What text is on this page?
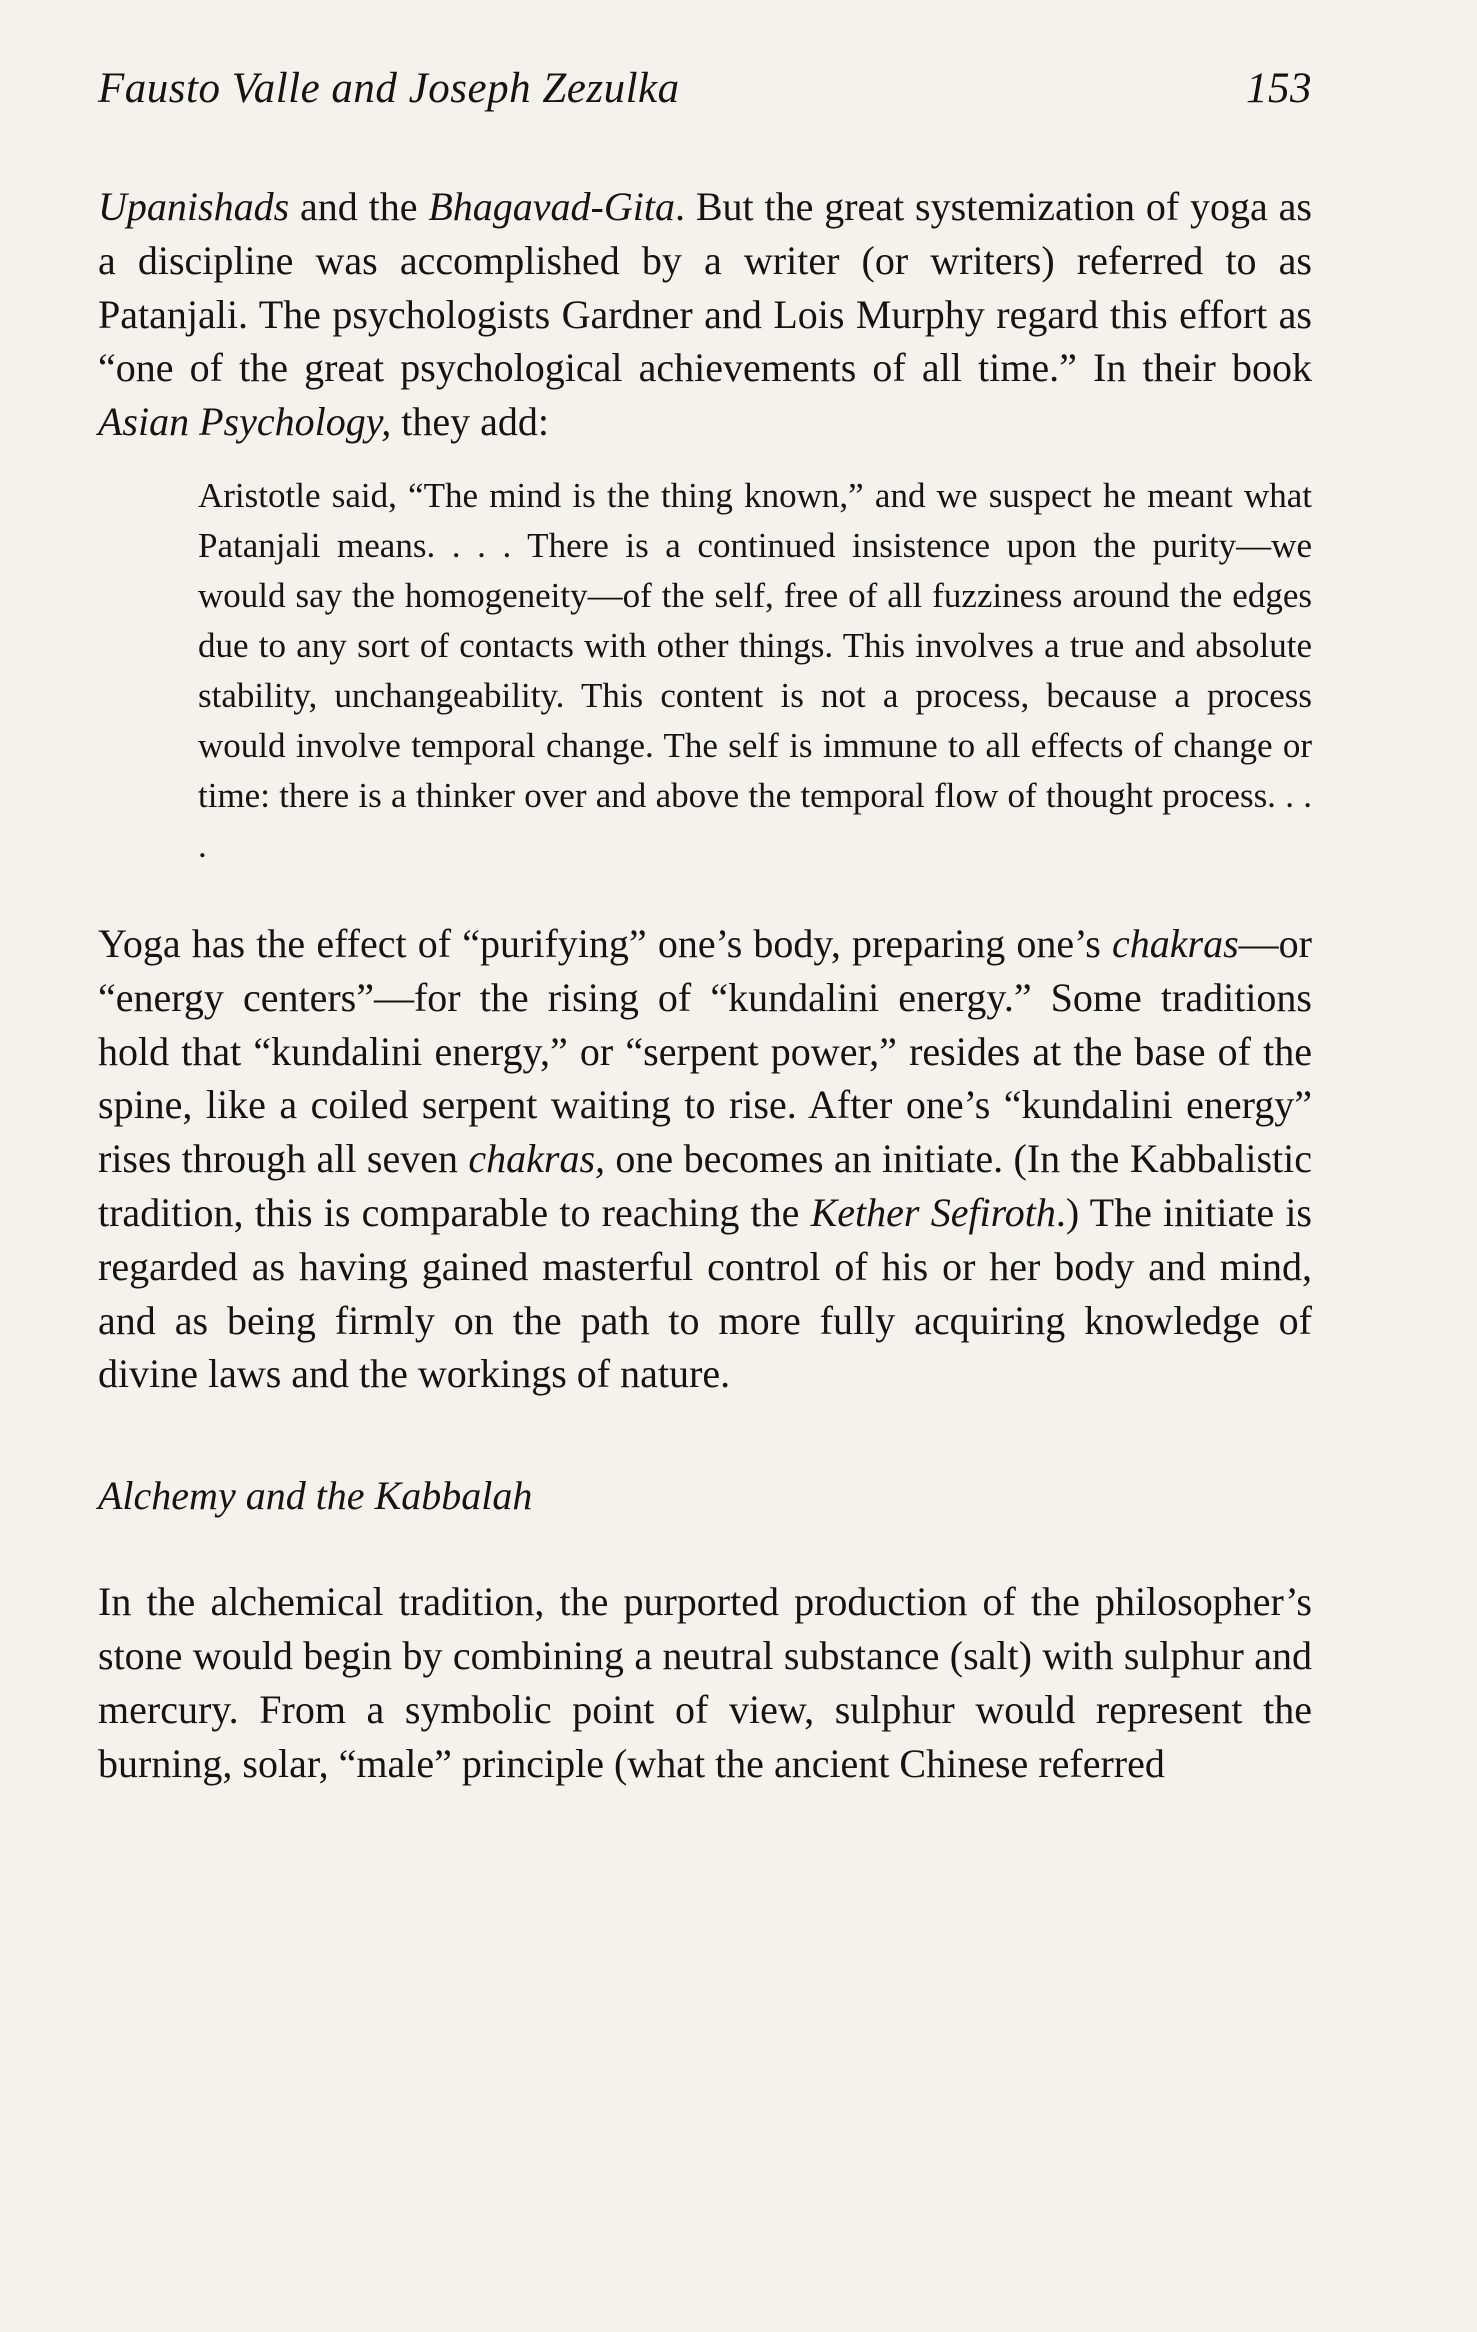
Fausto Valle and Joseph Zezulka	153

Upanishads and the Bhagavad-Gita. But the great systemization of yoga as a discipline was accomplished by a writer (or writers) referred to as Patanjali. The psychologists Gardner and Lois Murphy regard this effort as “one of the great psychological achievements of all time.” In their book Asian Psychology, they add:

Aristotle said, “The mind is the thing known,” and we suspect he meant what Patanjali means. . . . There is a continued insistence upon the purity—we would say the homogeneity—of the self, free of all fuzziness around the edges due to any sort of contacts with other things. This involves a true and absolute stability, unchangeability. This content is not a process, because a process would involve temporal change. The self is immune to all effects of change or time: there is a thinker over and above the temporal flow of thought process. . . .

Yoga has the effect of “purifying” one’s body, preparing one’s chakras—or “energy centers”—for the rising of “kundalini energy.” Some traditions hold that “kundalini energy,” or “serpent power,” resides at the base of the spine, like a coiled serpent waiting to rise. After one’s “kundalini energy” rises through all seven chakras, one becomes an initiate. (In the Kabbalistic tradition, this is comparable to reaching the Kether Sefiroth.) The initiate is regarded as having gained masterful control of his or her body and mind, and as being firmly on the path to more fully acquiring knowledge of divine laws and the workings of nature.

Alchemy and the Kabbalah

In the alchemical tradition, the purported production of the philosopher’s stone would begin by combining a neutral substance (salt) with sulphur and mercury. From a symbolic point of view, sulphur would represent the burning, solar, “male” principle (what the ancient Chinese referred
